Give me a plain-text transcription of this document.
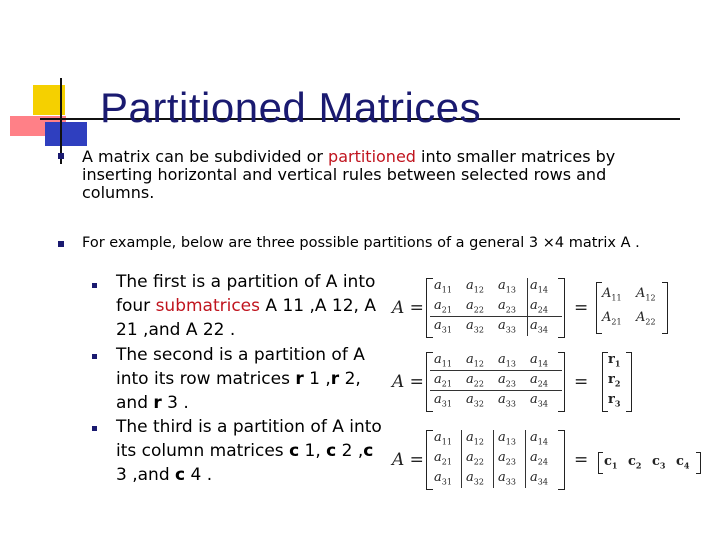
Partitioned Matrices
A matrix can be subdivided or partitioned into smaller matrices by inserting horizontal and vertical rules between selected rows and columns.
For example, below are three possible partitions of a general 3 ×4 matrix A .
The first is a partition of A into four submatrices A 11 ,A 12, A 21 ,and A 22 .
The second is a partition of A into its row matrices r 1 ,r 2, and r 3 .
The third is a partition of A into its column matrices c 1, c 2 ,c 3 ,and c 4 .
A =
$a_{11}$ $a_{12}$ $a_{13}$ $a_{14}$
$a_{21}$ $a_{22}$ $a_{23}$ $a_{24}$
$a_{31}$ $a_{32}$ $a_{33}$ $a_{34}$
=
$A_{11}$ $A_{12}$
$A_{21}$ $A_{22}$
A =
$a_{11}$ $a_{12}$ $a_{13}$ $a_{14}$
$a_{21}$ $a_{22}$ $a_{23}$ $a_{24}$
$a_{31}$ $a_{32}$ $a_{33}$ $a_{34}$
=
$r_1$
$r_2$
$r_3$
A =
$a_{11}$ $a_{12}$ $a_{13}$ $a_{14}$
$a_{21}$ $a_{22}$ $a_{23}$ $a_{24}$
$a_{31}$ $a_{32}$ $a_{33}$ $a_{34}$
= $c_1$ $c_2$ $c_3$ $c_4$
